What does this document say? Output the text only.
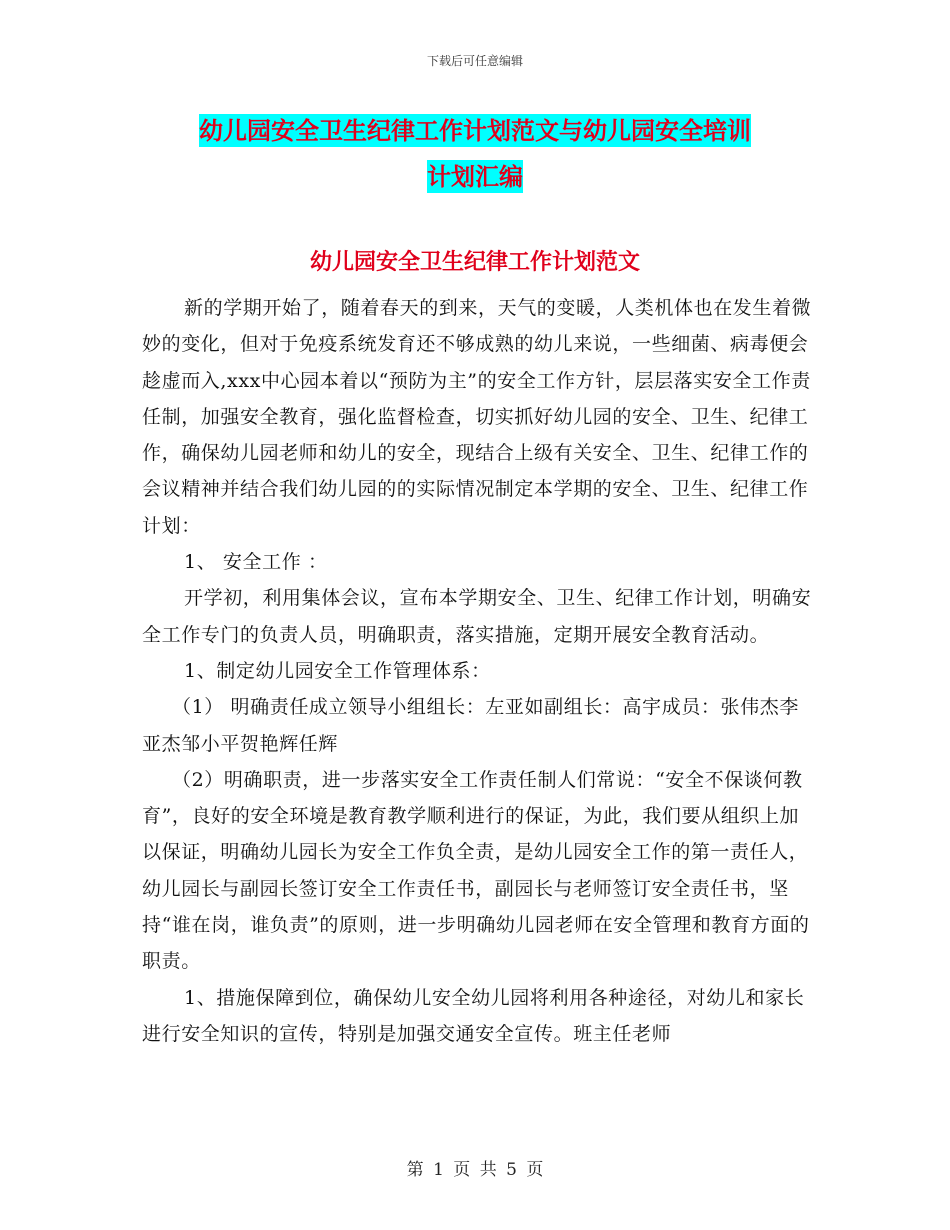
下载后可任意编辑
幼儿园安全卫生纪律工作计划范文与幼儿园安全培训
计划汇编
幼儿园安全卫生纪律工作计划范文

新的学期开始了，随着春天的到来，天气的变暖，人类机体也在发生着微妙的变化，但对于免疫系统发育还不够成熟的幼儿来说，一些细菌、病毒便会趁虚而入,xxx中心园本着以“预防为主”的安全工作方针，层层落实安全工作责任制，加强安全教育，强化监督检查，切实抓好幼儿园的安全、卫生、纪律工作，确保幼儿园老师和幼儿的安全，现结合上级有关安全、卫生、纪律工作的会议精神并结合我们幼儿园的的实际情况制定本学期的安全、卫生、纪律工作计划：

1、 安全工作 ：

开学初，利用集体会议，宣布本学期安全、卫生、纪律工作计划，明确安全工作专门的负责人员，明确职责，落实措施，定期开展安全教育活动。

1、制定幼儿园安全工作管理体系：

（1） 明确责任成立领导小组组长：左亚如副组长：高宇成员：张伟杰李亚杰邹小平贺艳辉任辉

（2）明确职责，进一步落实安全工作责任制人们常说：“安全不保谈何教育”，良好的安全环境是教育教学顺利进行的保证，为此，我们要从组织上加以保证，明确幼儿园长为安全工作负全责，是幼儿园安全工作的第一责任人，幼儿园长与副园长签订安全工作责任书，副园长与老师签订安全责任书，坚持“谁在岗，谁负责”的原则，进一步明确幼儿园老师在安全管理和教育方面的职责。

1、措施保障到位，确保幼儿安全幼儿园将利用各种途径，对幼儿和家长进行安全知识的宣传，特别是加强交通安全宣传。班主任老师

第 1 页 共 5 页
